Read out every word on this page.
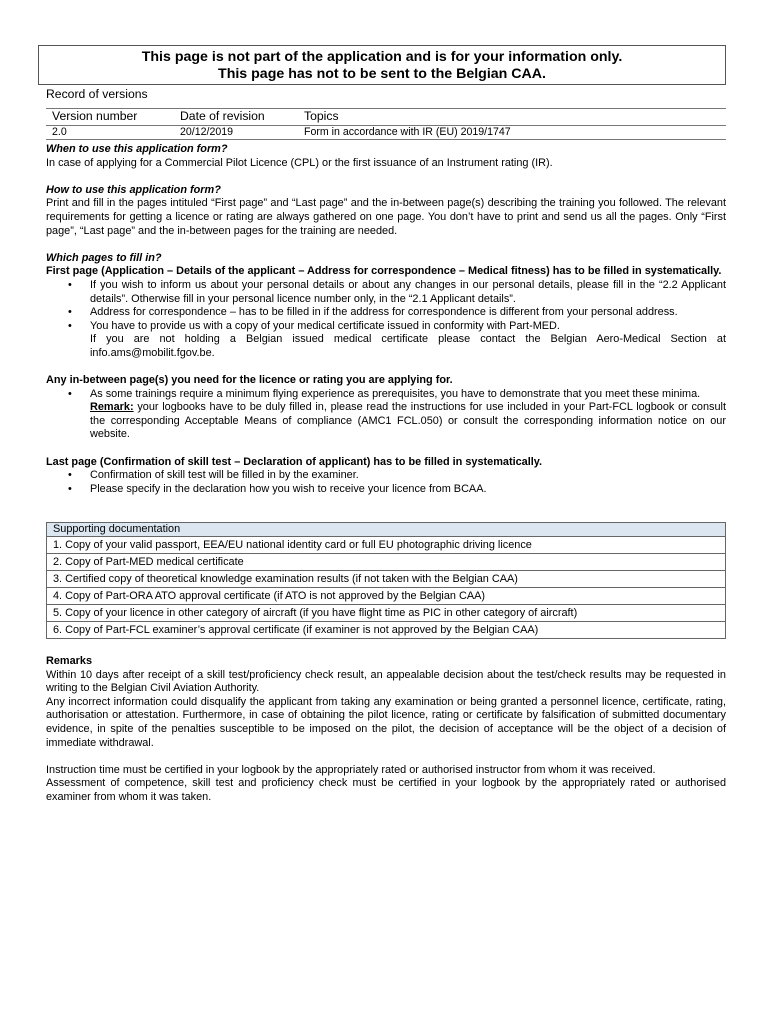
This page is not part of the application and is for your information only.
This page has not to be sent to the Belgian CAA.
Record of versions
Version number	Date of revision	Topics
2.0	20/12/2019	Form in accordance with IR (EU) 2019/1747

When to use this application form?

In case of applying for a Commercial Pilot Licence (CPL) or the first issuance of an Instrument rating (IR).

How to use this application form?

Print and fill in the pages intituled “First page” and “Last page” and the in-between page(s) describing the training you followed. The relevant requirements for getting a licence or rating are always gathered on one page. You don’t have to print and send us all the pages. Only “First page”, “Last page” and the in-between pages for the training are needed.

Which pages to fill in?

First page (Application – Details of the applicant – Address for correspondence – Medical fitness) has to be filled in systematically.

• If you wish to inform us about your personal details or about any changes in our personal details, please fill in the “2.2 Applicant details”. Otherwise fill in your personal licence number only, in the “2.1 Applicant details”.
• Address for correspondence – has to be filled in if the address for correspondence is different from your personal address.
• You have to provide us with a copy of your medical certificate issued in conformity with Part-MED.
If you are not holding a Belgian issued medical certificate please contact the Belgian Aero-Medical Section at info.ams@mobilit.fgov.be.

Any in-between page(s) you need for the licence or rating you are applying for.

• As some trainings require a minimum flying experience as prerequisites, you have to demonstrate that you meet these minima.
Remark: your logbooks have to be duly filled in, please read the instructions for use included in your Part-FCL logbook or consult the corresponding Acceptable Means of compliance (AMC1 FCL.050) or consult the corresponding information notice on our website.

Last page (Confirmation of skill test – Declaration of applicant) has to be filled in systematically.

• Confirmation of skill test will be filled in by the examiner.
• Please specify in the declaration how you wish to receive your licence from BCAA.
Supporting documentation
1. Copy of your valid passport, EEA/EU national identity card or full EU photographic driving licence
2. Copy of Part-MED medical certificate
3. Certified copy of theoretical knowledge examination results (if not taken with the Belgian CAA)
4. Copy of Part-ORA ATO approval certificate (if ATO is not approved by the Belgian CAA)
5. Copy of your licence in other category of aircraft (if you have flight time as PIC in other category of aircraft)
6. Copy of Part-FCL examiner’s approval certificate (if examiner is not approved by the Belgian CAA)

Remarks

Within 10 days after receipt of a skill test/proficiency check result, an appealable decision about the test/check results may be requested in writing to the Belgian Civil Aviation Authority.

Any incorrect information could disqualify the applicant from taking any examination or being granted a personnel licence, certificate, rating, authorisation or attestation. Furthermore, in case of obtaining the pilot licence, rating or certificate by falsification of submitted documentary evidence, in spite of the penalties susceptible to be imposed on the pilot, the decision of acceptance will be the object of a decision of immediate withdrawal.

Instruction time must be certified in your logbook by the appropriately rated or authorised instructor from whom it was received.

Assessment of competence, skill test and proficiency check must be certified in your logbook by the appropriately rated or authorised examiner from whom it was taken.
